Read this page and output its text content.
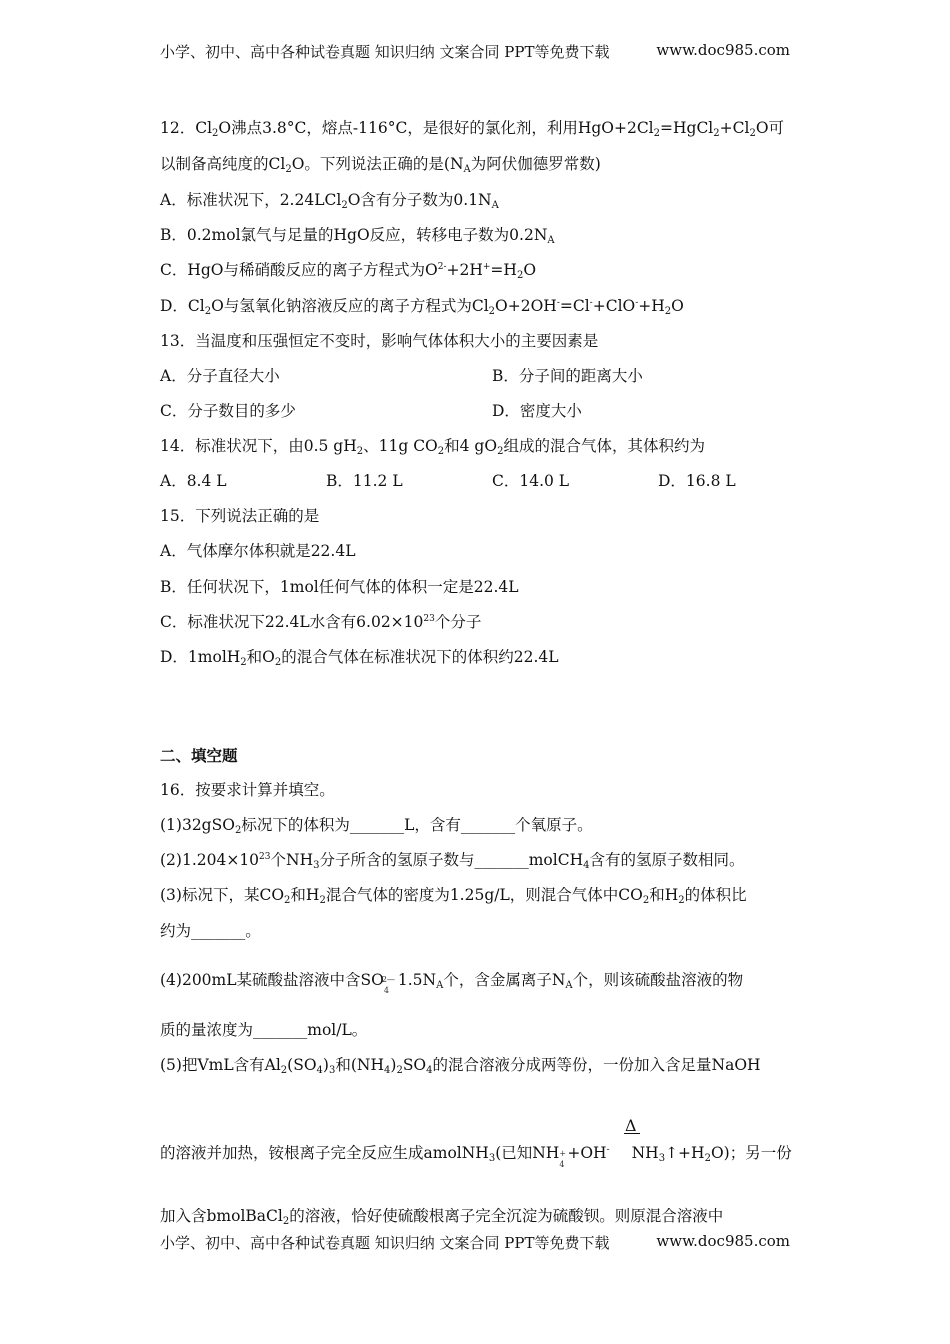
小学、初中、高中各种试卷真题 知识归纳 文案合同 PPT等免费下载	www.doc985.com
12．$Cl_2O$沸点3.8°C，熔点-116°C，是很好的氯化剂，利用$HgO+2Cl_2=HgCl_2+Cl_2O$可
以制备高纯度的$Cl_2O$。下列说法正确的是($N_A$为阿伏伽德罗常数)
A．标准状况下，2.24LCl$_2$O含有分子数为$0.1N_A$
B．0.2mol氯气与足量的HgO反应，转移电子数为$0.2N_A$
C．HgO与稀硝酸反应的离子方程式为$O^{2-}+2H^+=H_2O$
D．$Cl_2O$与氢氧化钠溶液反应的离子方程式为$Cl_2O+2OH^-=Cl^-+ClO^-+H_2O$
13．当温度和压强恒定不变时，影响气体体积大小的主要因素是
A．分子直径大小	B．分子间的距离大小
C．分子数目的多少	D．密度大小
14．标准状况下，由0.5 $gH_2$、11g $CO_2$和4 $gO_2$组成的混合气体，其体积约为
A．8.4 L	B．11.2 L	C．14.0 L	D．16.8 L
15．下列说法正确的是
A．气体摩尔体积就是22.4L
B．任何状况下，1mol任何气体的体积一定是22.4L
C．标准状况下22.4L水含有$6.02\times 10^{23}$个分子
D．1molH$_2$和$O_2$的混合气体在标准状况下的体积约22.4L
二、填空题
16．按要求计算并填空。
(1)32gSO$_2$标况下的体积为_______L，含有_______个氧原子。
$(2)1.204\times 10^{23}$个$NH_3$分子所含的氢原子数与_______molCH$_4$含有的氢原子数相同。
(3)标况下，某$CO_2$和$H_2$混合气体的密度为1.25g/L，则混合气体中$CO_2$和$H_2$的体积比
约为_______。
(4)200mL某硫酸盐溶液中含SO
2—
4
$1.5N_A$个，含金属离子$N_A$个，则该硫酸盐溶液的物
质的量浓度为_______mol/L。
(5)把VmL含有$Al_2(SO_4)_3$和$(NH_4)_2SO_4$的混合溶液分成两等份，一份加入含足量NaOH
Δ
的溶液并加热，铵根离子完全反应生成amolNH$_3$(已知NH +
4
+OH- $NH_3↑+H_2O$)；另一份
加入含bmolBaCl$_2$的溶液，恰好使硫酸根离子完全沉淀为硫酸钡。则原混合溶液中
小学、初中、高中各种试卷真题 知识归纳 文案合同 PPT等免费下载	www.doc985.com
